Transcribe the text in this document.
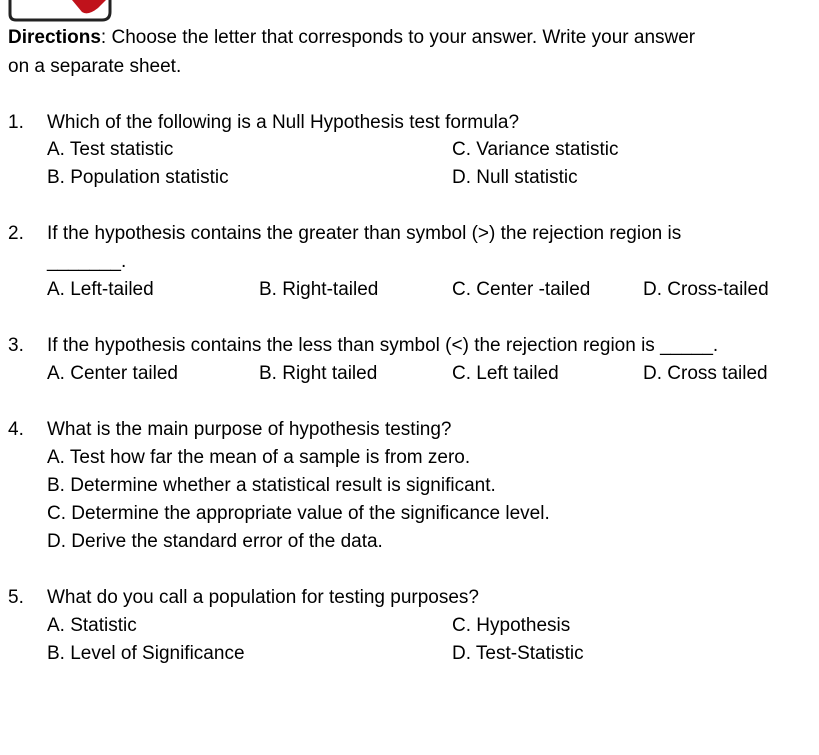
Directions: Choose the letter that corresponds to your answer. Write your answer
on a separate sheet.
1. Which of the following is a Null Hypothesis test formula?
A. Test statistic	C. Variance statistic
B. Population statistic	D. Null statistic
2. If the hypothesis contains the greater than symbol (>) the rejection region is
_______.
A. Left-tailed	B. Right-tailed	C. Center -tailed	D. Cross-tailed
3. If the hypothesis contains the less than symbol (<) the rejection region is _____.
A. Center tailed	B. Right tailed	C. Left tailed	D. Cross tailed
4. What is the main purpose of hypothesis testing?
A. Test how far the mean of a sample is from zero.
B. Determine whether a statistical result is significant.
C. Determine the appropriate value of the significance level.
D. Derive the standard error of the data.
5. What do you call a population for testing purposes?
A. Statistic	C. Hypothesis
B. Level of Significance	D. Test-Statistic
